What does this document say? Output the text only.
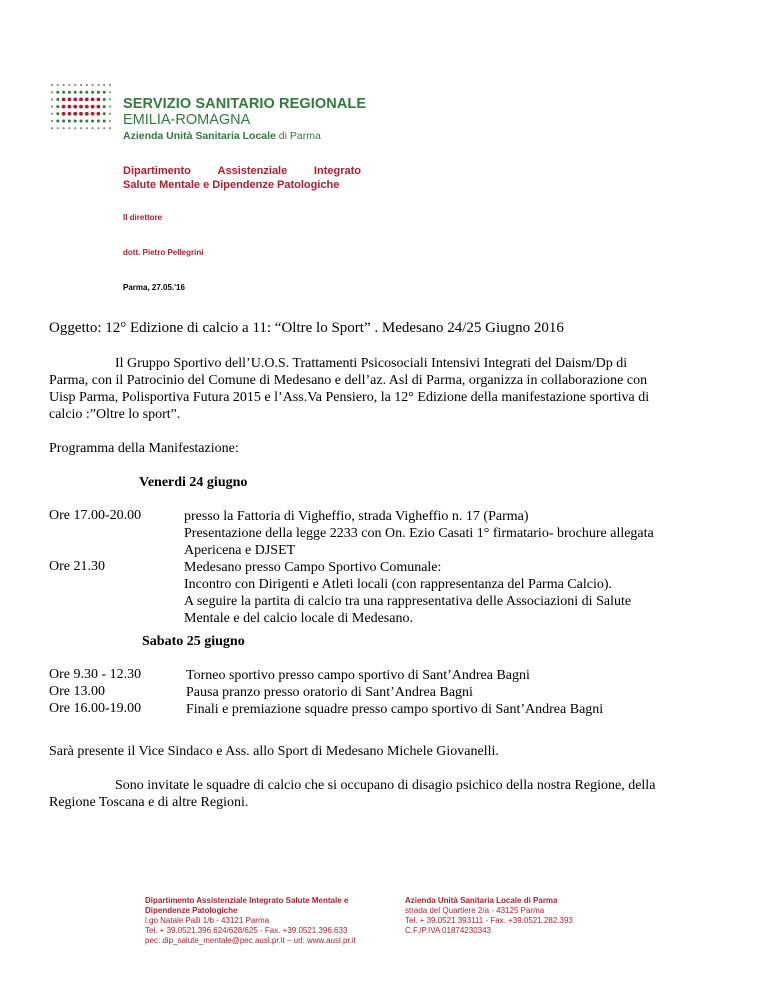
SERVIZIO SANITARIO REGIONALE
EMILIA-ROMAGNA
Azienda Unità Sanitaria Locale di Parma
Dipartimento Assistenziale Integrato
Salute Mentale e Dipendenze Patologiche
Il direttore
dott. Pietro Pellegrini
Parma, 27.05.'16
Oggetto: 12° Edizione di calcio a 11: “Oltre lo Sport” . Medesano 24/25 Giugno 2016
Il Gruppo Sportivo dell’U.O.S. Trattamenti Psicosociali Intensivi Integrati del Daism/Dp di
Parma, con il Patrocinio del Comune di Medesano e dell’az. Asl di Parma, organizza in collaborazione con
Uisp Parma, Polisportiva Futura 2015 e l’Ass.Va Pensiero, la 12° Edizione della manifestazione sportiva di
calcio :”Oltre lo sport”.
Programma della Manifestazione:
Venerdi 24 giugno
Ore 17.00-20.00	presso la Fattoria di Vigheffio, strada Vigheffio n. 17 (Parma)
Presentazione della legge 2233 con On. Ezio Casati 1° firmatario- brochure allegata
Apericena e DJSET
Ore 21.30	Medesano presso Campo Sportivo Comunale:
Incontro con Dirigenti e Atleti locali (con rappresentanza del Parma Calcio).
A seguire la partita di calcio tra una rappresentativa delle Associazioni di Salute
Mentale e del calcio locale di Medesano.
Sabato 25 giugno
Ore 9.30 - 12.30	Torneo sportivo presso campo sportivo di Sant’Andrea Bagni
Ore 13.00	Pausa pranzo presso oratorio di Sant’Andrea Bagni
Ore 16.00-19.00	Finali e premiazione squadre presso campo sportivo di Sant’Andrea Bagni
Sarà presente il Vice Sindaco e Ass. allo Sport di Medesano Michele Giovanelli.
Sono invitate le squadre di calcio che si occupano di disagio psichico della nostra Regione, della
Regione Toscana e di altre Regioni.
Dipartimento Assistenziale Integrato Salute Mentale e
Dipendenze Patologiche
l.go Natale Palli 1/b - 43121 Parma
Tel. + 39.0521.396.624/628/625 - Fax. +39.0521.396.633
pec: dip_salute_mentale@pec.ausl.pr.it – url: www.ausl.pr.it
Azienda Unità Sanitaria Locale di Parma
strada del Quartiere 2/a - 43125 Parma
Tel. + 39.0521 393111 - Fax. +39.0521.282.393
C.F./P.IVA 01874230343
